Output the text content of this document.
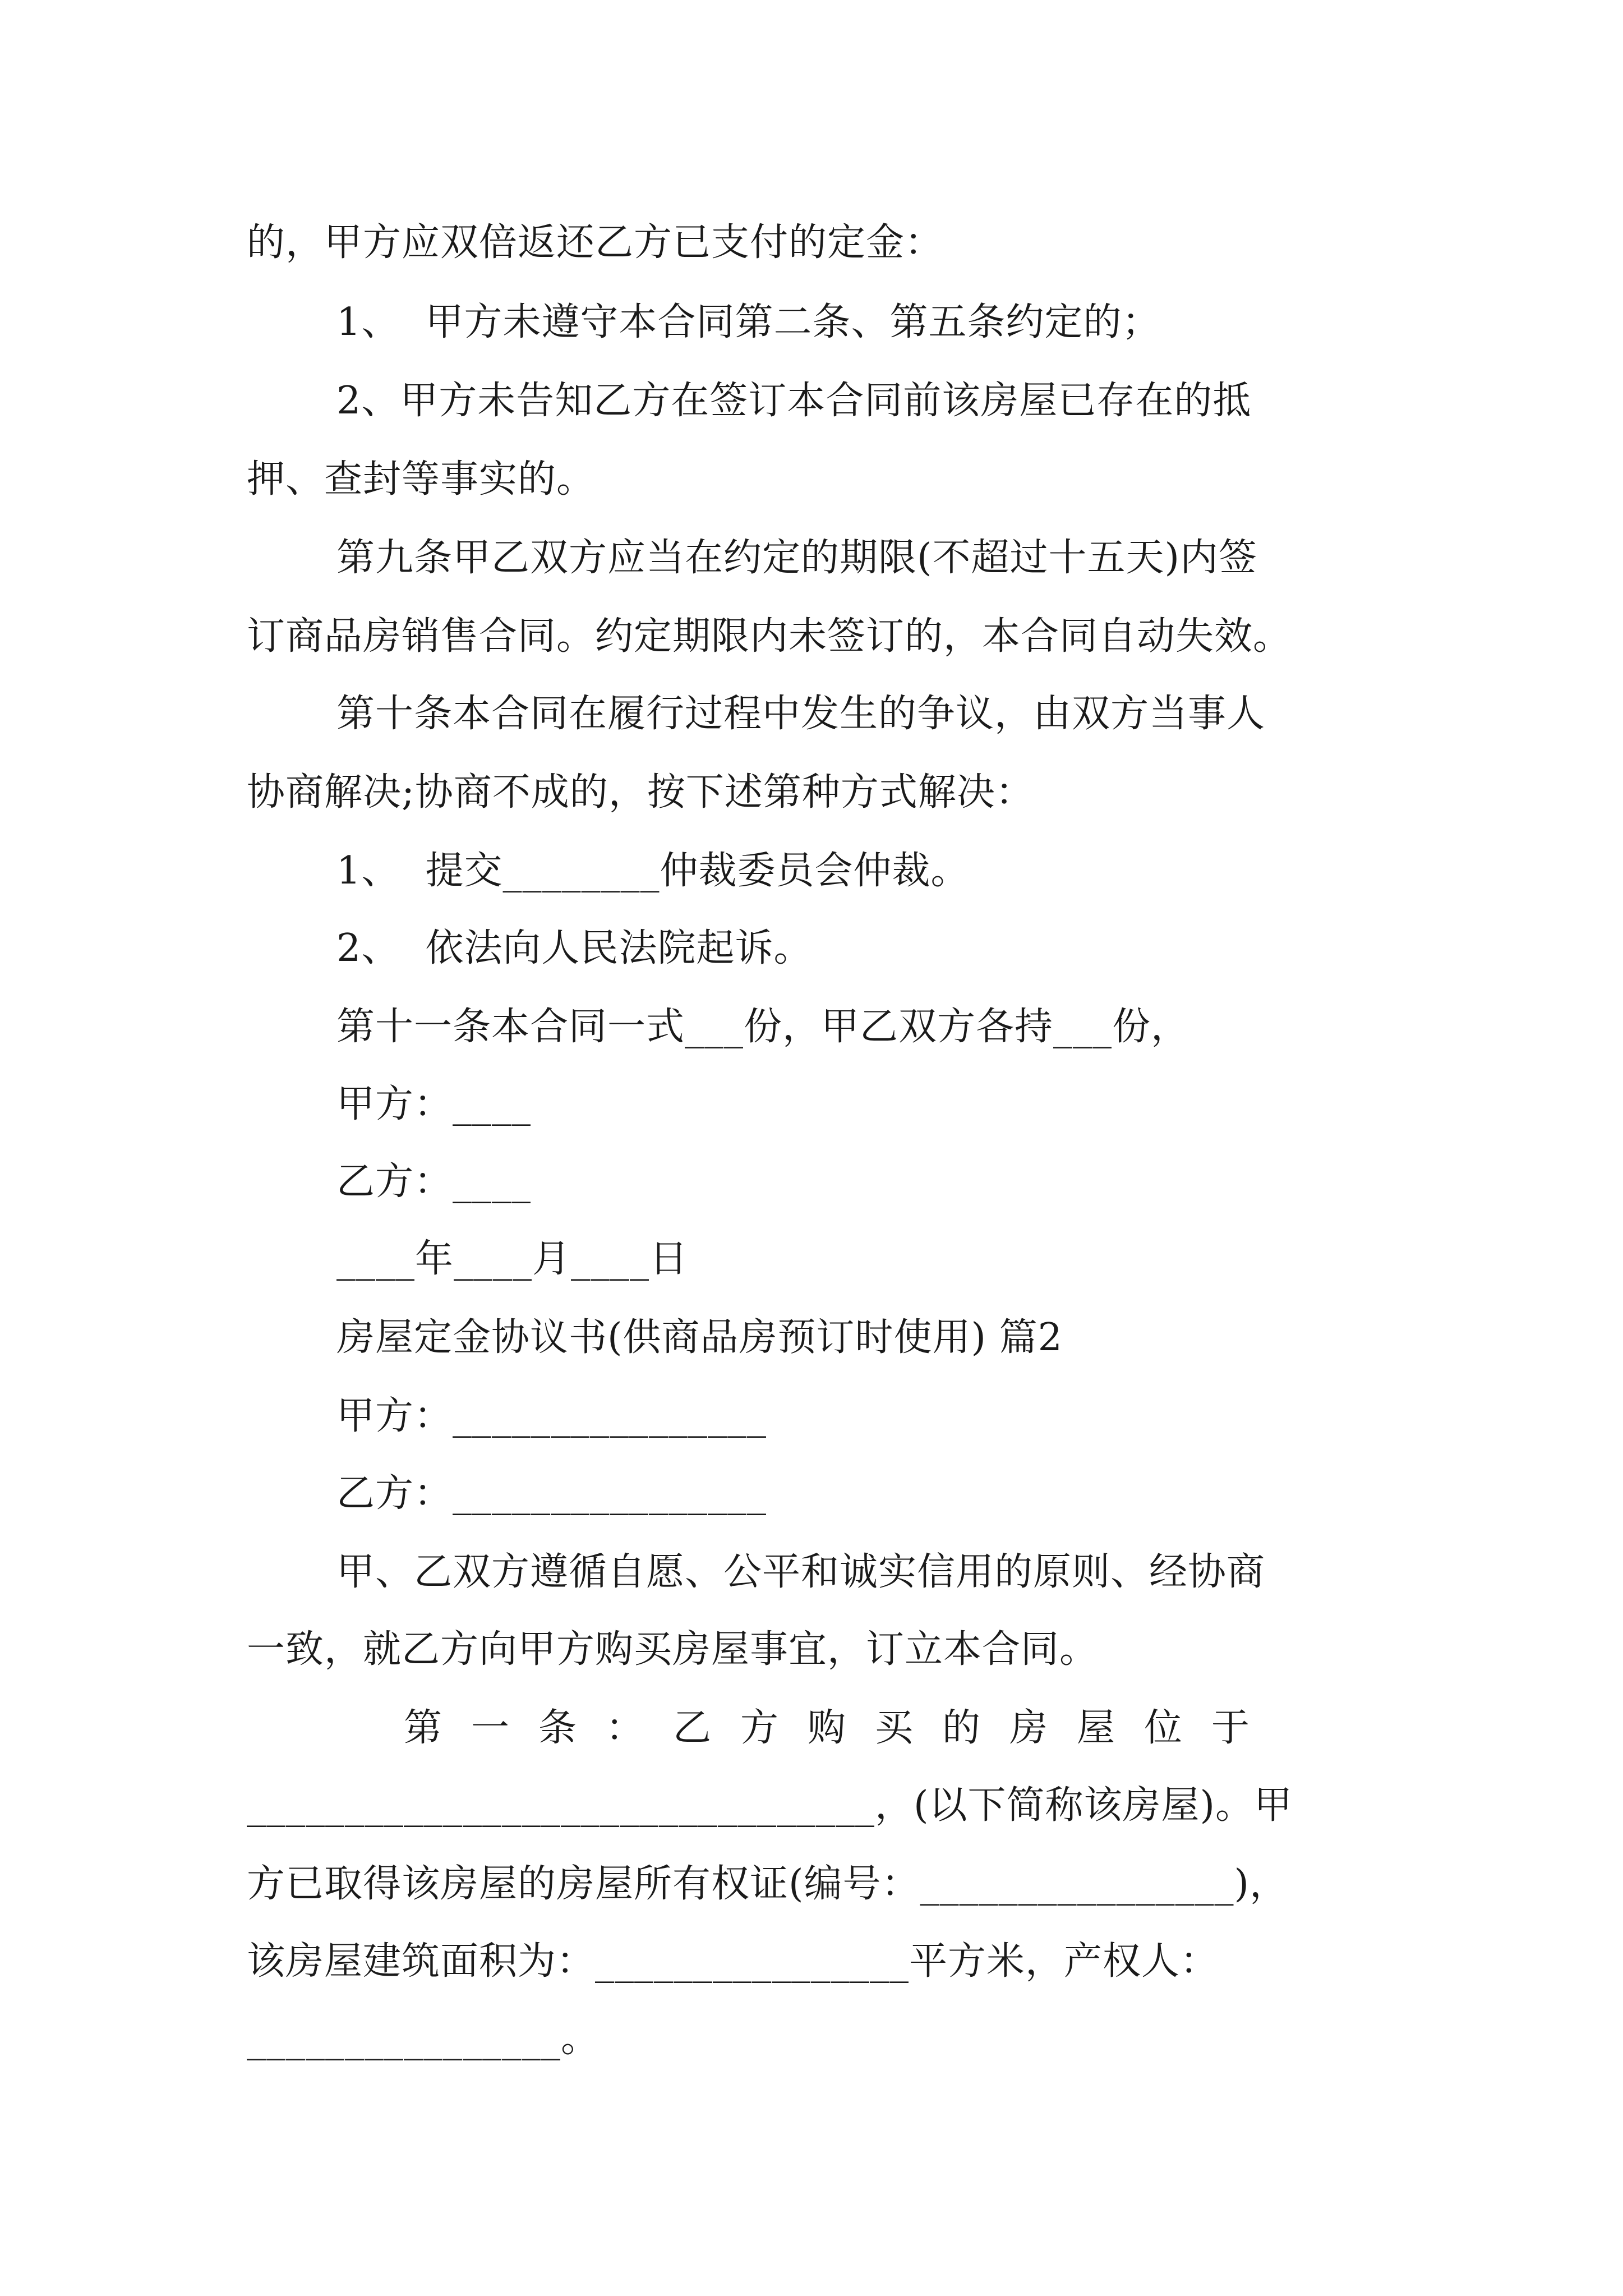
的，甲方应双倍返还乙方已支付的定金：
1、  甲方未遵守本合同第二条、第五条约定的；
2、甲方未告知乙方在签订本合同前该房屋已存在的抵
押、查封等事实的。
第九条甲乙双方应当在约定的期限(不超过十五天)内签
订商品房销售合同。约定期限内未签订的，本合同自动失效。
第十条本合同在履行过程中发生的争议，由双方当事人
协商解决;协商不成的，按下述第种方式解决：
1、  提交________仲裁委员会仲裁。
2、  依法向人民法院起诉。
第十一条本合同一式___份，甲乙双方各持___份，
甲方：____
乙方：____
____年____月____日
房屋定金协议书(供商品房预订时使用) 篇2
甲方：________________
乙方：________________
甲、乙双方遵循自愿、公平和诚实信用的原则、经协商
一致，就乙方向甲方购买房屋事宜，订立本合同。
第一条：乙方购买的房屋位于
________________________________，(以下简称该房屋)。甲
方已取得该房屋的房屋所有权证(编号：________________)，
该房屋建筑面积为：________________平方米，产权人：
________________。
